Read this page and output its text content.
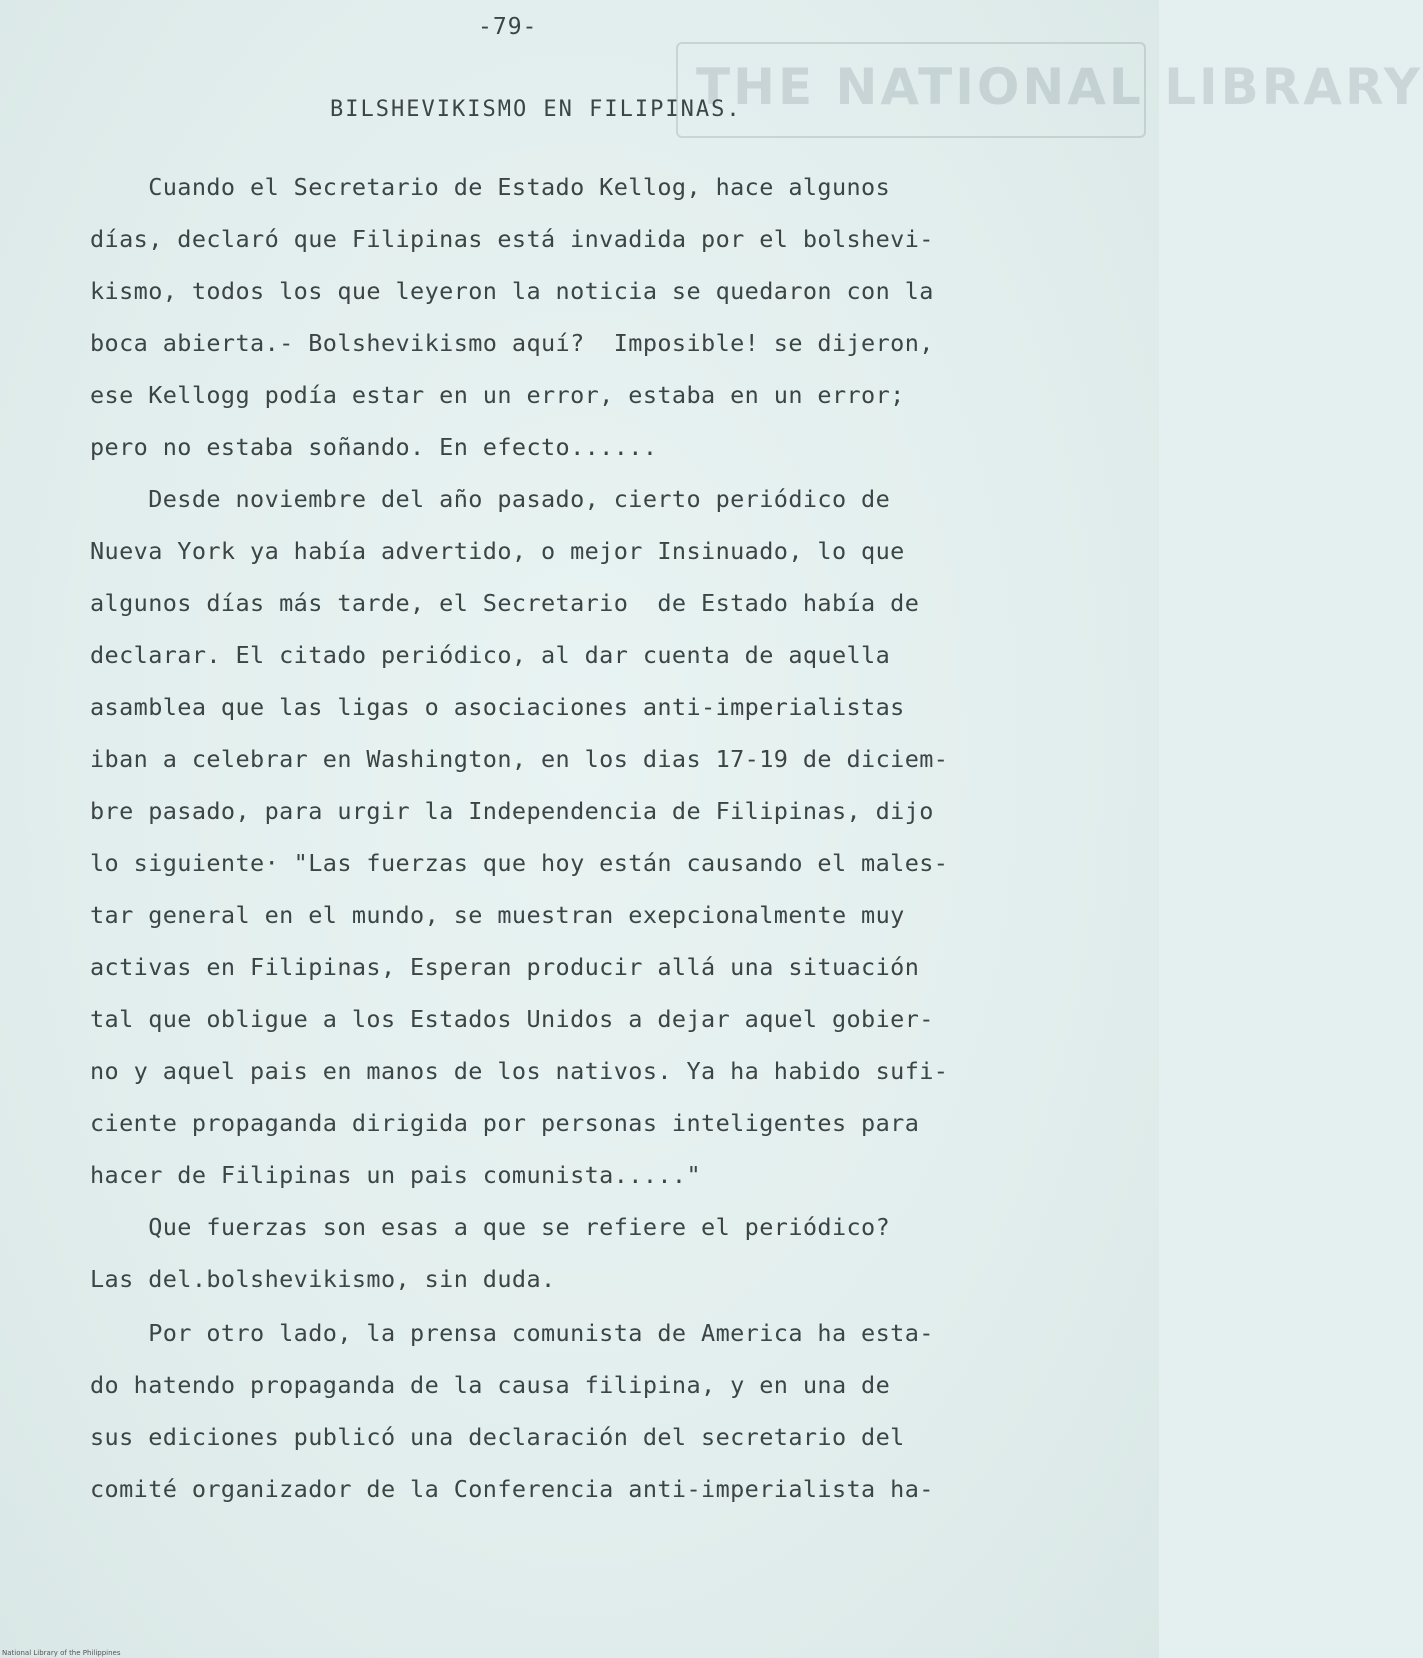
THE NATIONAL LIBRARY
-79-
BILSHEVIKISMO EN FILIPINAS.
Cuando el Secretario de Estado Kellog, hace algunos
días, declaró que Filipinas está invadida por el bolshevi-
kismo, todos los que leyeron la noticia se quedaron con la
boca abierta.- Bolshevikismo aquí?  Imposible! se dijeron,
ese Kellogg podía estar en un error, estaba en un error;
pero no estaba soñando. En efecto......
Desde noviembre del año pasado, cierto periódico de
Nueva York ya había advertido, o mejor Insinuado, lo que
algunos días más tarde, el Secretario  de Estado había de
declarar. El citado periódico, al dar cuenta de aquella
asamblea que las ligas o asociaciones anti-imperialistas
iban a celebrar en Washington, en los dias 17-19 de diciem-
bre pasado, para urgir la Independencia de Filipinas, dijo
lo siguiente· "Las fuerzas que hoy están causando el males-
tar general en el mundo, se muestran exepcionalmente muy
activas en Filipinas, Esperan producir allá una situación
tal que obligue a los Estados Unidos a dejar aquel gobier-
no y aquel pais en manos de los nativos. Ya ha habido sufi-
ciente propaganda dirigida por personas inteligentes para
hacer de Filipinas un pais comunista....."
Que fuerzas son esas a que se refiere el periódico?
Las del.bolshevikismo, sin duda.
Por otro lado, la prensa comunista de America ha esta-
do hatendo propaganda de la causa filipina, y en una de
sus ediciones publicó una declaración del secretario del
comité organizador de la Conferencia anti-imperialista ha-
National Library of the Philippines
